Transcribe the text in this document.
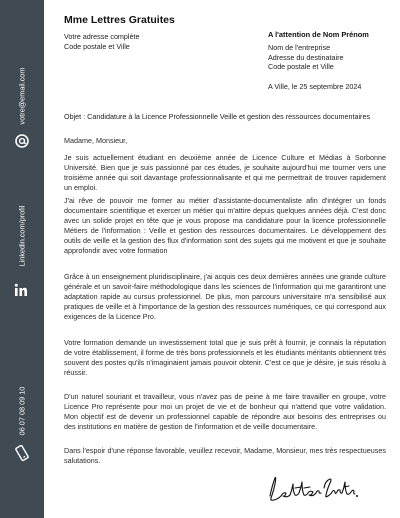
votre@email.com
Linkedin.com/profil
06 07 08 09 10
Mme Lettres Gratuites
Votre adresse complète
Code postale et Ville
A l'attention de Nom Prénom
Nom de l'entreprise
Adresse du destinataire
Code postale et Ville
A Ville, le 25 septembre 2024
Objet : Candidature à la Licence Professionnelle Veille et gestion des ressources documentaires
Madame, Monsieur,
Je suis actuellement étudiant en deuxième année de Licence Culture et Médias à Sorbonne Université. Bien que je suis passionné par ces études, je souhaite aujourd'hui me tourner vers une troisième année qui soit davantage professionnalisante et qui me permettrait de trouver rapidement un emploi.
J'ai rêve de pouvoir me former au métier d'assistante-documentaliste afin d'intégrer un fonds documentaire scientifique et exercer un métier qui m'attire depuis quelques années déjà. C'est donc avec un solide projet en tête que je vous propose ma candidature pour la licence professionnelle Métiers de l'information : Veille et gestion des ressources documentaires. Le développement des outils de veille et la gestion des flux d'information sont des sujets qui me motivent et que je souhaite approfondir avec votre formation
Grâce à un enseignement pluridisciplinaire, j'ai acquis ces deux dernières années une grande culture générale et un savoir-faire méthodologique dans les sciences de l'information qui me garantiront une adaptation rapide au cursus professionnel. De plus, mon parcours universitaire m'a sensibilisé aux pratiques de veille et à l'importance de la gestion des ressources numériques, ce qui correspond aux exigences de la Licence Pro.
Votre formation demande un investissement total que je suis prêt à fournir, je connais la réputation de votre établissement, il forme de très bons professionnels et les étudiants méritants obtiennent très souvent des postes qu'ils n'imaginaient jamais pouvoir obtenir. C'est ce que je désire, je suis résolu à réussir.
D'un naturel souriant et travailleur, vous n'avez pas de peine à me faire travailler en groupe, votre Licence Pro représente pour moi un projet de vie et de bonheur qui n'attend que votre validation. Mon objectif est de devenir un professionnel capable de répondre aux besoins des entreprises ou des institutions en matière de gestion de l'information et de veille documentaire.
Dans l'espoir d'une réponse favorable, veuillez recevoir, Madame, Monsieur, mes très respectueuses salutations.
